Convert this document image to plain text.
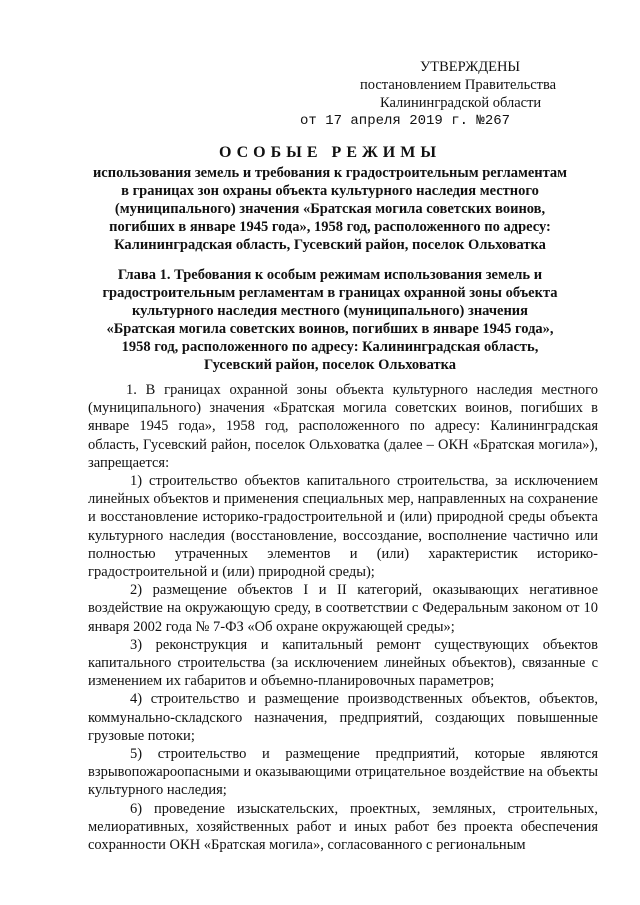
УТВЕРЖДЕНЫ
постановлением Правительства
Калининградской области
от 17 апреля 2019 г. №267
ОСОБЫЕ РЕЖИМЫ
использования земель и требования к градостроительным регламентам
в границах зон охраны объекта культурного наследия местного
(муниципального) значения «Братская могила советских воинов,
погибших в январе 1945 года», 1958 год, расположенного по адресу:
Калининградская область, Гусевский район, поселок Ольховатка
Глава 1. Требования к особым режимам использования земель и
градостроительным регламентам в границах охранной зоны объекта
культурного наследия местного (муниципального) значения
«Братская могила советских воинов, погибших в январе 1945 года»,
1958 год, расположенного по адресу: Калининградская область,
Гусевский район, поселок Ольховатка

1. В границах охранной зоны объекта культурного наследия местного (муниципального) значения «Братская могила советских воинов, погибших в январе 1945 года», 1958 год, расположенного по адресу: Калининградская область, Гусевский район, поселок Ольховатка (далее – ОКН «Братская могила»), запрещается:

1) строительство объектов капитального строительства, за исключением линейных объектов и применения специальных мер, направленных на сохранение и восстановление историко-градостроительной и (или) природной среды объекта культурного наследия (восстановление, воссоздание, восполнение частично или полностью утраченных элементов и (или) характеристик историко-градостроительной и (или) природной среды);

2) размещение объектов I и II категорий, оказывающих негативное воздействие на окружающую среду, в соответствии с Федеральным законом от 10 января 2002 года № 7-ФЗ «Об охране окружающей среды»;

3) реконструкция и капитальный ремонт существующих объектов капитального строительства (за исключением линейных объектов), связанные с изменением их габаритов и объемно-планировочных параметров;

4) строительство и размещение производственных объектов, объектов, коммунально-складского назначения, предприятий, создающих повышенные грузовые потоки;

5) строительство и размещение предприятий, которые являются взрывопожароопасными и оказывающими отрицательное воздействие на объекты культурного наследия;

6) проведение изыскательских, проектных, земляных, строительных, мелиоративных, хозяйственных работ и иных работ без проекта обеспечения сохранности ОКН «Братская могила», согласованного с региональным
